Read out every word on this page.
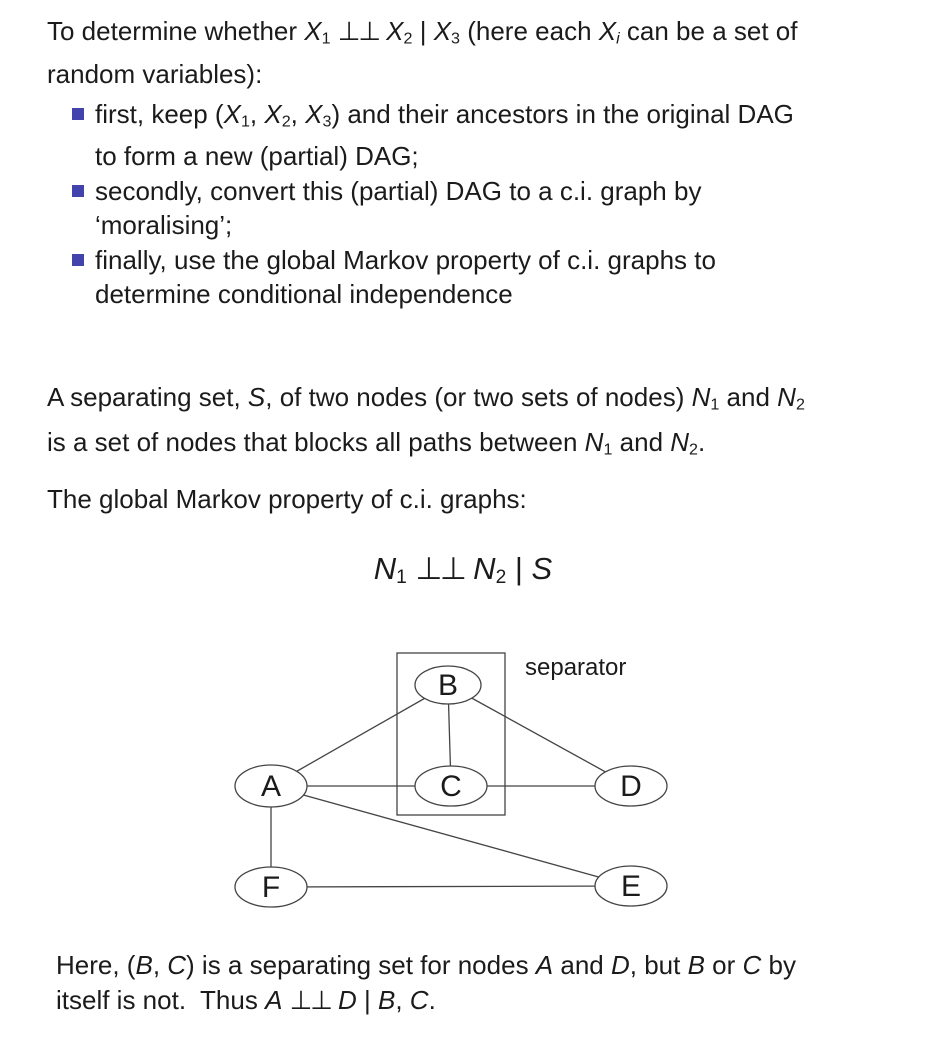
To determine whether X1 ⊥⊥ X2 | X3 (here each Xi can be a set of
random variables):
first, keep (X1, X2, X3) and their ancestors in the original DAG
to form a new (partial) DAG;
secondly, convert this (partial) DAG to a c.i. graph by
‘moralising’;
finally, use the global Markov property of c.i. graphs to
determine conditional independence
A separating set, S, of two nodes (or two sets of nodes) N1 and N2
is a set of nodes that blocks all paths between N1 and N2.
The global Markov property of c.i. graphs:
N1 ⊥⊥ N2 | S
A
B
C	D
E
F
separator
Here, (B, C) is a separating set for nodes A and D, but B or C by
itself is not.  Thus A ⊥⊥ D | B, C.
